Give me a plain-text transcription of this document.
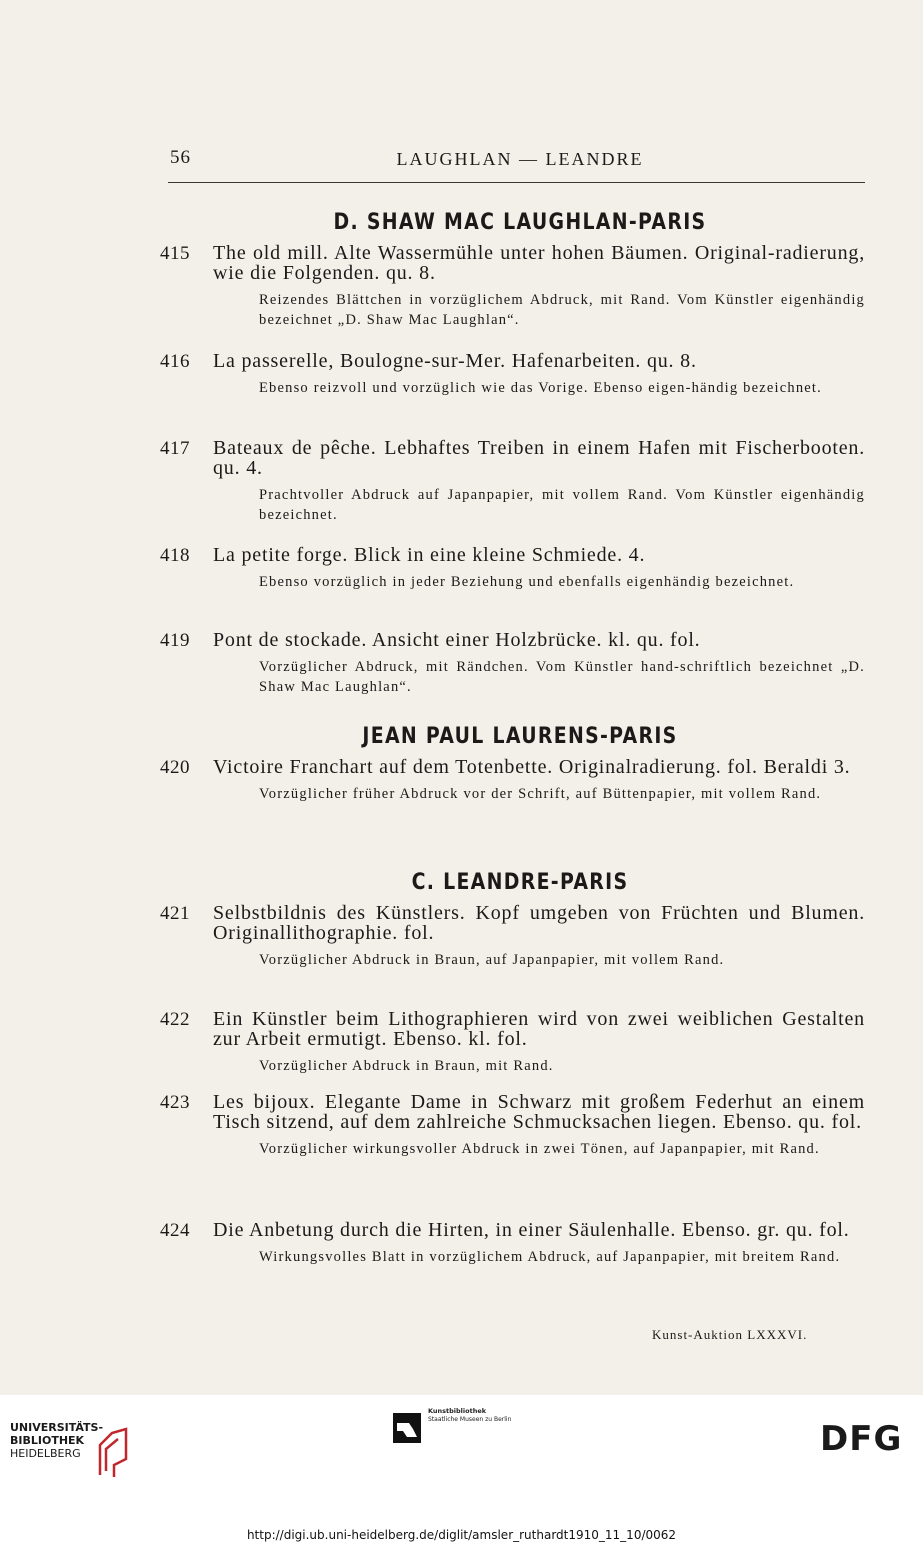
56	LAUGHLAN — LEANDRE
D. SHAW MAC LAUGHLAN-PARIS
415 The old mill. Alte Wassermühle unter hohen Bäumen. Original-radierung, wie die Folgenden. qu. 8.
Reizendes Blättchen in vorzüglichem Abdruck, mit Rand. Vom Künstler eigenhändig bezeichnet „D. Shaw Mac Laughlan“.
416 La passerelle, Boulogne-sur-Mer. Hafenarbeiten. qu. 8.
Ebenso reizvoll und vorzüglich wie das Vorige. Ebenso eigen-händig bezeichnet.
417 Bateaux de pêche. Lebhaftes Treiben in einem Hafen mit Fischerbooten. qu. 4.
Prachtvoller Abdruck auf Japanpapier, mit vollem Rand. Vom Künstler eigenhändig bezeichnet.
418 La petite forge. Blick in eine kleine Schmiede. 4.
Ebenso vorzüglich in jeder Beziehung und ebenfalls eigenhändig bezeichnet.
419 Pont de stockade. Ansicht einer Holzbrücke. kl. qu. fol.
Vorzüglicher Abdruck, mit Rändchen. Vom Künstler hand-schriftlich bezeichnet „D. Shaw Mac Laughlan“.
JEAN PAUL LAURENS-PARIS
420 Victoire Franchart auf dem Totenbette. Originalradierung. fol. Beraldi 3.
Vorzüglicher früher Abdruck vor der Schrift, auf Büttenpapier, mit vollem Rand.
C. LEANDRE-PARIS
421 Selbstbildnis des Künstlers. Kopf umgeben von Früchten und Blumen. Originallithographie. fol.
Vorzüglicher Abdruck in Braun, auf Japanpapier, mit vollem Rand.
422 Ein Künstler beim Lithographieren wird von zwei weiblichen Gestalten zur Arbeit ermutigt. Ebenso. kl. fol.
Vorzüglicher Abdruck in Braun, mit Rand.
423 Les bijoux. Elegante Dame in Schwarz mit großem Federhut an einem Tisch sitzend, auf dem zahlreiche Schmucksachen liegen. Ebenso. qu. fol.
Vorzüglicher wirkungsvoller Abdruck in zwei Tönen, auf Japanpapier, mit Rand.
424 Die Anbetung durch die Hirten, in einer Säulenhalle. Ebenso. gr. qu. fol.
Wirkungsvolles Blatt in vorzüglichem Abdruck, auf Japanpapier, mit breitem Rand.
Kunst-Auktion LXXXVI.
UNIVERSITÄTS-
BIBLIOTHEK
HEIDELBERG
Kunstbibliothek
Staatliche Museen zu Berlin	DFG
http://digi.ub.uni-heidelberg.de/diglit/amsler_ruthardt1910_11_10/0062
